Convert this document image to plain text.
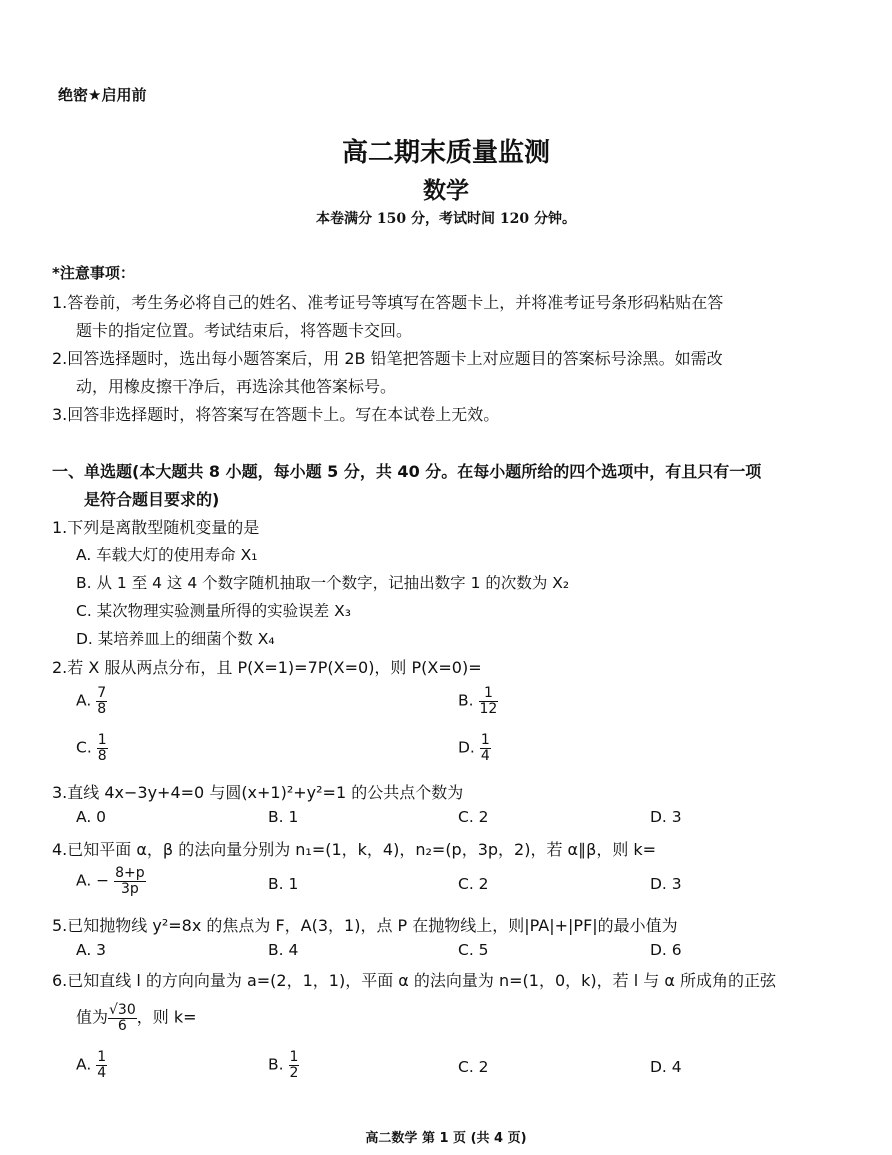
绝密★启用前
高二期末质量监测
数学
本卷满分 150 分，考试时间 120 分钟。
*注意事项：
1.答卷前，考生务必将自己的姓名、准考证号等填写在答题卡上，并将准考证号条形码粘贴在答
题卡的指定位置。考试结束后，将答题卡交回。
2.回答选择题时，选出每小题答案后，用 2B 铅笔把答题卡上对应题目的答案标号涂黑。如需改
动，用橡皮擦干净后，再选涂其他答案标号。
3.回答非选择题时，将答案写在答题卡上。写在本试卷上无效。
一、单选题(本大题共 8 小题，每小题 5 分，共 40 分。在每小题所给的四个选项中，有且只有一项
是符合题目要求的)
1.下列是离散型随机变量的是
A. 车载大灯的使用寿命 X₁
B. 从 1 至 4 这 4 个数字随机抽取一个数字，记抽出数字 1 的次数为 X₂
C. 某次物理实验测量所得的实验误差 X₃
D. 某培养皿上的细菌个数 X₄
2.若 X 服从两点分布，且 P(X=1)=7P(X=0)，则 P(X=0)=
A. $\frac{7}{8}$	B. $\frac{1}{12}$
C. $\frac{1}{8}$	D. $\frac{1}{4}$
3.直线 4x−3y+4=0 与圆(x+1)²+y²=1 的公共点个数为
A. 0	B. 1	C. 2	D. 3
4.已知平面 α，β 的法向量分别为 n₁=(1，k，4)，n₂=(p，3p，2)，若 α∥β，则 k=
A. − $\frac{8+p}{3p}$	B. 1	C. 2	D. 3
5.已知抛物线 y²=8x 的焦点为 F，A(3，1)，点 P 在抛物线上，则|PA|+|PF|的最小值为
A. 3	B. 4	C. 5	D. 6
6.已知直线 l 的方向向量为 a=(2，1，1)，平面 α 的法向量为 n=(1，0，k)，若 l 与 α 所成角的正弦
值为 $\frac{√30}{6}$ ，则 k=
A. $\frac{1}{4}$	B. $\frac{1}{2}$	C. 2	D. 4
高二数学 第 1 页 (共 4 页)
